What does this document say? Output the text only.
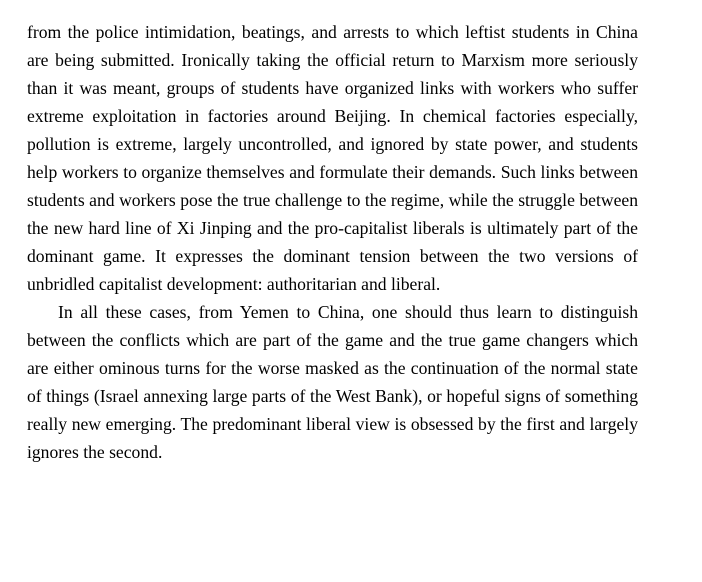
from the police intimidation, beatings, and arrests to which leftist students in China are being submitted. Ironically taking the official return to Marxism more seriously than it was meant, groups of students have organized links with workers who suffer extreme exploitation in factories around Beijing. In chemical factories especially, pollution is extreme, largely uncontrolled, and ignored by state power, and students help workers to organize themselves and formulate their demands. Such links between students and workers pose the true challenge to the regime, while the struggle between the new hard line of Xi Jinping and the pro-capitalist liberals is ultimately part of the dominant game. It expresses the dominant tension between the two versions of unbridled capitalist development: authoritarian and liberal.

In all these cases, from Yemen to China, one should thus learn to distinguish between the conflicts which are part of the game and the true game changers which are either ominous turns for the worse masked as the continuation of the normal state of things (Israel annexing large parts of the West Bank), or hopeful signs of something really new emerging. The predominant liberal view is obsessed by the first and largely ignores the second.
